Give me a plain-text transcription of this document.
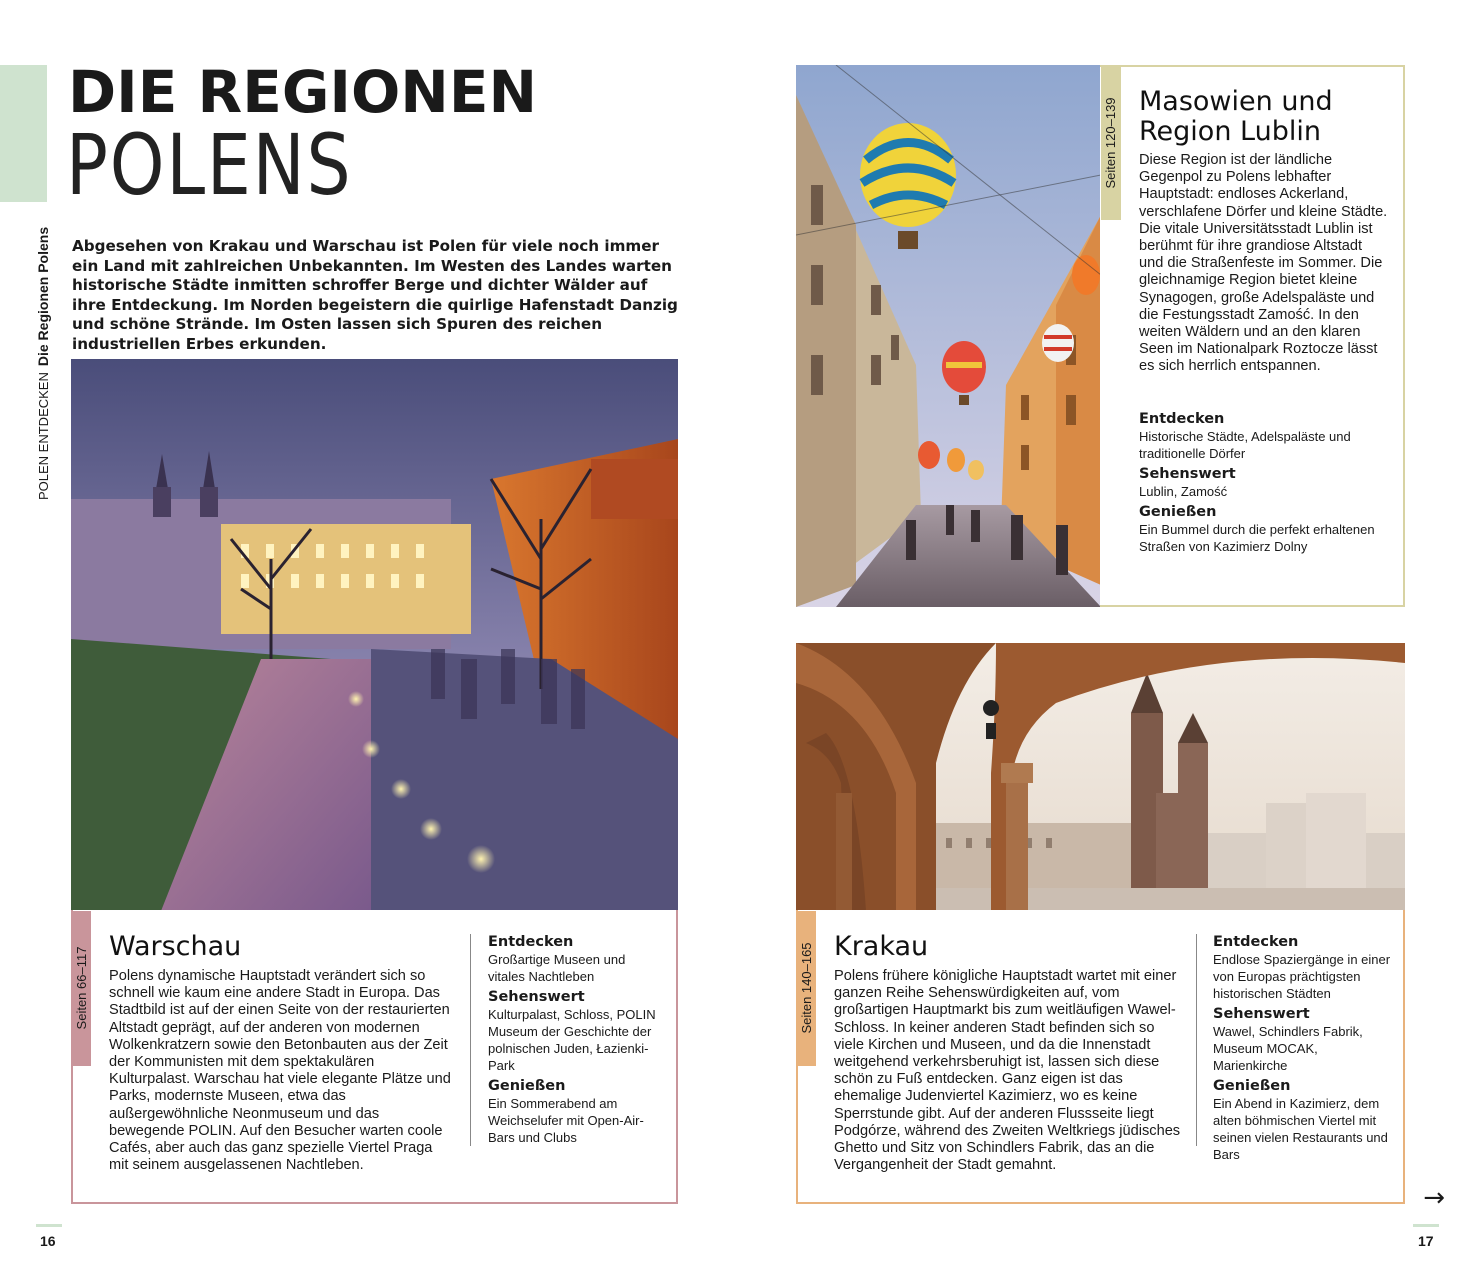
POLEN ENTDECKENDie Regionen Polens
DIE REGIONEN
POLENS
Abgesehen von Krakau und Warschau ist Polen für viele noch immer ein Land mit zahlreichen Unbekannten. Im Westen des Landes warten historische Städte inmitten schroffer Berge und dichter Wälder auf ihre Entdeckung. Im Norden begeistern die quirlige Hafenstadt Danzig und schöne Strände. Im Osten lassen sich Spuren des reichen industriellen Erbes erkunden.
Seiten 66–117
Warschau
Polens dynamische Hauptstadt verändert sich so schnell wie kaum eine andere Stadt in Europa. Das Stadtbild ist auf der einen Seite von der restaurierten Altstadt geprägt, auf der anderen von modernen Wolkenkratzern sowie den Betonbauten aus der Zeit der Kommunisten mit dem spektakulären Kulturpalast. Warschau hat viele elegante Plätze und Parks, modernste Museen, etwa das außergewöhnliche Neonmuseum und das bewegende POLIN. Auf den Besucher warten coole Cafés, aber auch das ganz spezielle Viertel Praga mit seinem ausgelassenen Nachtleben.
Entdecken

Großartige Museen und vitales Nachtleben

Sehenswert

Kulturpalast, Schloss, POLIN Museum der Geschichte der polnischen Juden, Łazienki-Park

Genießen

Ein Sommerabend am Weichselufer mit Open-Air-Bars und Clubs

16
Seiten 120–139 Masowien und
Region Lublin
Diese Region ist der ländliche Gegenpol zu Polens lebhafter Hauptstadt: endloses Ackerland, verschlafene Dörfer und kleine Städte. Die vitale Universitätsstadt Lublin ist berühmt für ihre grandiose Altstadt und die Straßenfeste im Sommer. Die gleichnamige Region bietet kleine Synagogen, große Adelspaläste und die Festungsstadt Zamość. In den weiten Wäldern und an den klaren Seen im Nationalpark Roztocze lässt es sich herrlich entspannen.
Entdecken

Historische Städte, Adelspaläste und traditionelle Dörfer

Sehenswert

Lublin, Zamość

Genießen

Ein Bummel durch die perfekt erhaltenen Straßen von Kazimierz Dolny

Seiten 140–165 Krakau
Polens frühere königliche Hauptstadt wartet mit einer ganzen Reihe Sehenswürdigkeiten auf, vom großartigen Hauptmarkt bis zum weitläufigen Wawel-Schloss. In keiner anderen Stadt befinden sich so viele Kirchen und Museen, und da die Innenstadt weitgehend verkehrsberuhigt ist, lassen sich diese schön zu Fuß entdecken. Ganz eigen ist das ehemalige Judenviertel Kazimierz, wo es keine Sperrstunde gibt. Auf der anderen Flussseite liegt Podgórze, während des Zweiten Weltkriegs jüdisches Ghetto und Sitz von Schindlers Fabrik, das an die Vergangenheit der Stadt gemahnt.
Entdecken

Endlose Spaziergänge in einer von Europas prächtigsten historischen Städten

Sehenswert

Wawel, Schindlers Fabrik, Museum MOCAK, Marienkirche

Genießen

Ein Abend in Kazimierz, dem alten böhmischen Viertel mit seinen vielen Restaurants und Bars

→
17
